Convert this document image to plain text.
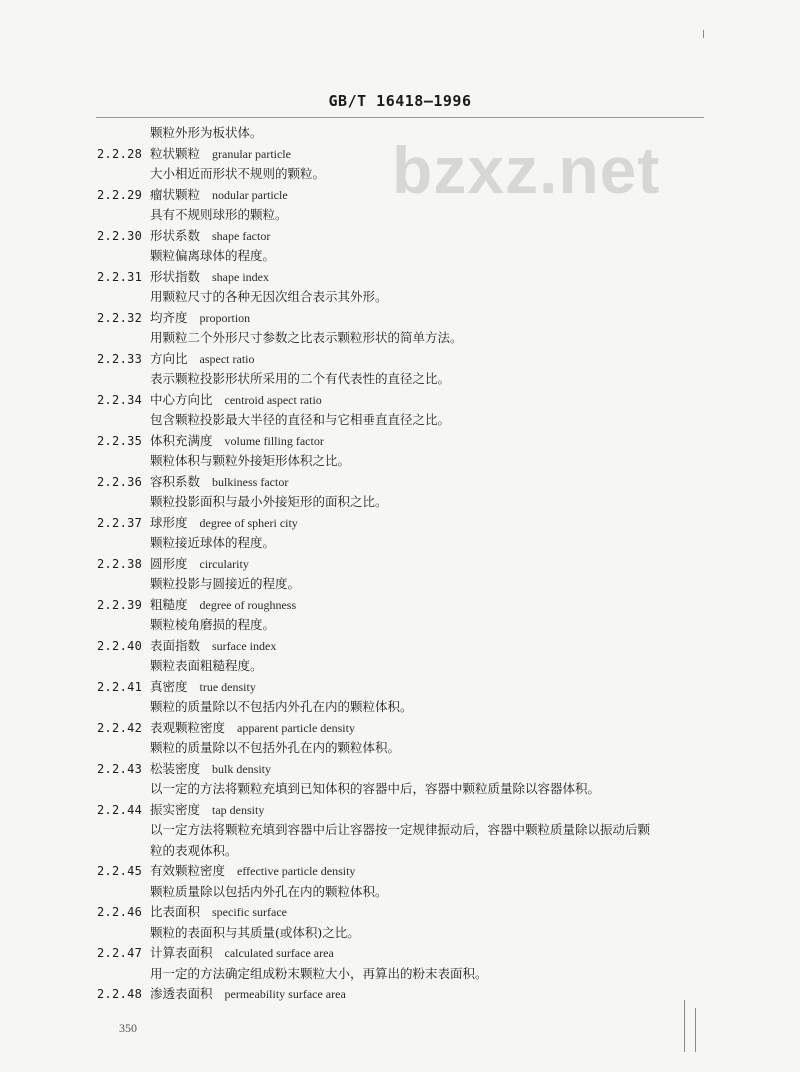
GB/T 16418—1996
bzxz.net
颗粒外形为板状体。
2.2.28 粒状颗粒 granular particle
大小相近而形状不规则的颗粒。
2.2.29 瘤状颗粒 nodular particle
具有不规则球形的颗粒。
2.2.30 形状系数 shape factor
颗粒偏离球体的程度。
2.2.31 形状指数 shape index
用颗粒尺寸的各种无因次组合表示其外形。
2.2.32 均齐度 proportion
用颗粒二个外形尺寸参数之比表示颗粒形状的简单方法。
2.2.33 方向比 aspect ratio
表示颗粒投影形状所采用的二个有代表性的直径之比。
2.2.34 中心方向比 centroid aspect ratio
包含颗粒投影最大半径的直径和与它相垂直直径之比。
2.2.35 体积充满度 volume filling factor
颗粒体积与颗粒外接矩形体积之比。
2.2.36 容积系数 bulkiness factor
颗粒投影面积与最小外接矩形的面积之比。
2.2.37 球形度 degree of spheri city
颗粒接近球体的程度。
2.2.38 圆形度 circularity
颗粒投影与圆接近的程度。
2.2.39 粗糙度 degree of roughness
颗粒棱角磨损的程度。
2.2.40 表面指数 surface index
颗粒表面粗糙程度。
2.2.41 真密度 true density
颗粒的质量除以不包括内外孔在内的颗粒体积。
2.2.42 表观颗粒密度 apparent particle density
颗粒的质量除以不包括外孔在内的颗粒体积。
2.2.43 松装密度 bulk density
以一定的方法将颗粒充填到已知体积的容器中后，容器中颗粒质量除以容器体积。
2.2.44 振实密度 tap density
以一定方法将颗粒充填到容器中后让容器按一定规律振动后，容器中颗粒质量除以振动后颗
粒的表观体积。
2.2.45 有效颗粒密度 effective particle density
颗粒质量除以包括内外孔在内的颗粒体积。
2.2.46 比表面积 specific surface
颗粒的表面积与其质量(或体积)之比。
2.2.47 计算表面积 calculated surface area
用一定的方法确定组成粉末颗粒大小，再算出的粉末表面积。
2.2.48 渗透表面积 permeability surface area
350
